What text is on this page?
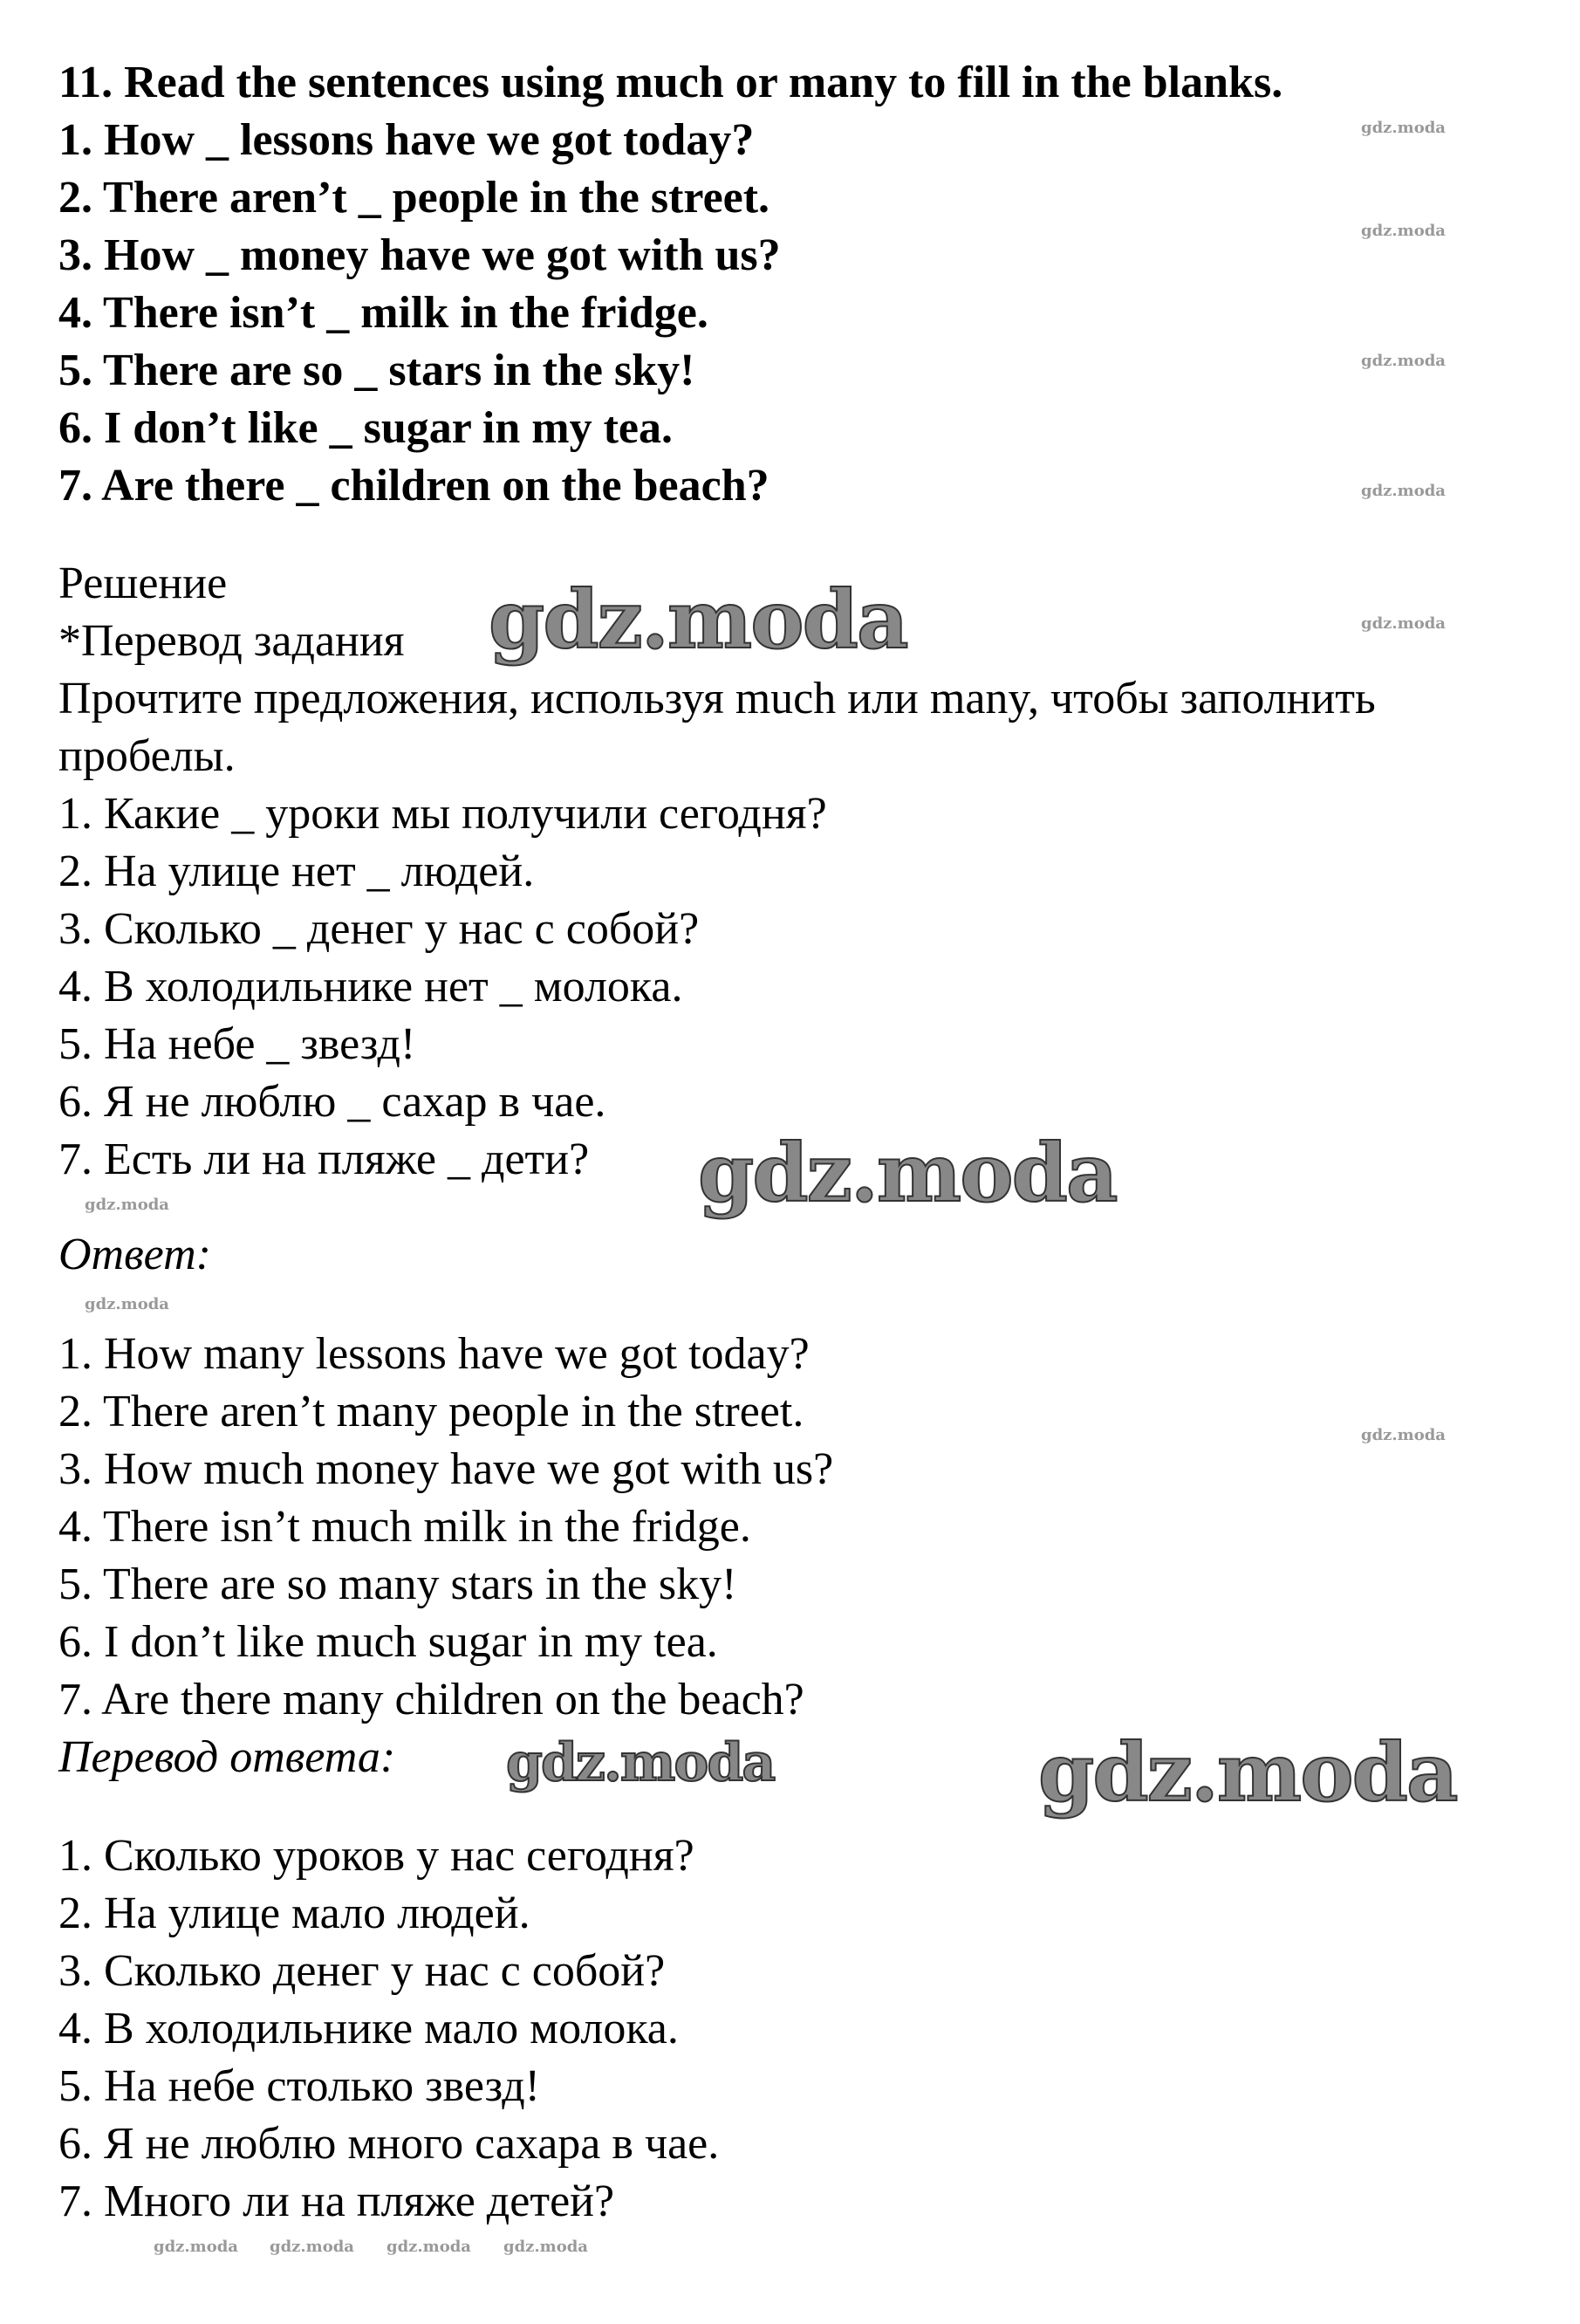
11. Read the sentences using much or many to fill in the blanks.
1. How _ lessons have we got today?
2. There aren’t _ people in the street.
3. How _ money have we got with us?
4. There isn’t _ milk in the fridge.
5. There are so _ stars in the sky!
6. I don’t like _ sugar in my tea.
7. Are there _ children on the beach?
Решение
*Перевод задания
Прочтите предложения, используя much или many, чтобы заполнить
пробелы.
1. Какие _ уроки мы получили сегодня?
2. На улице нет _ людей.
3. Сколько _ денег у нас с собой?
4. В холодильнике нет _ молока.
5. На небе _ звезд!
6. Я не люблю _ сахар в чае.
7. Есть ли на пляже _ дети?
Ответ:
1. How many lessons have we got today?
2. There aren’t many people in the street.
3. How much money have we got with us?
4. There isn’t much milk in the fridge.
5. There are so many stars in the sky!
6. I don’t like much sugar in my tea.
7. Are there many children on the beach?
Перевод ответа:
1. Сколько уроков у нас сегодня?
2. На улице мало людей.
3. Сколько денег у нас с собой?
4. В холодильнике мало молока.
5. На небе столько звезд!
6. Я не люблю много сахара в чае.
7. Много ли на пляже детей?
gdz.moda
gdz.moda
gdz.moda
gdz.moda
gdz.moda
gdz.moda
gdz.moda
gdz.moda
gdz.moda
gdz.moda
gdz.moda
gdz.moda
gdz.moda gdz.moda gdz.moda gdz.moda
